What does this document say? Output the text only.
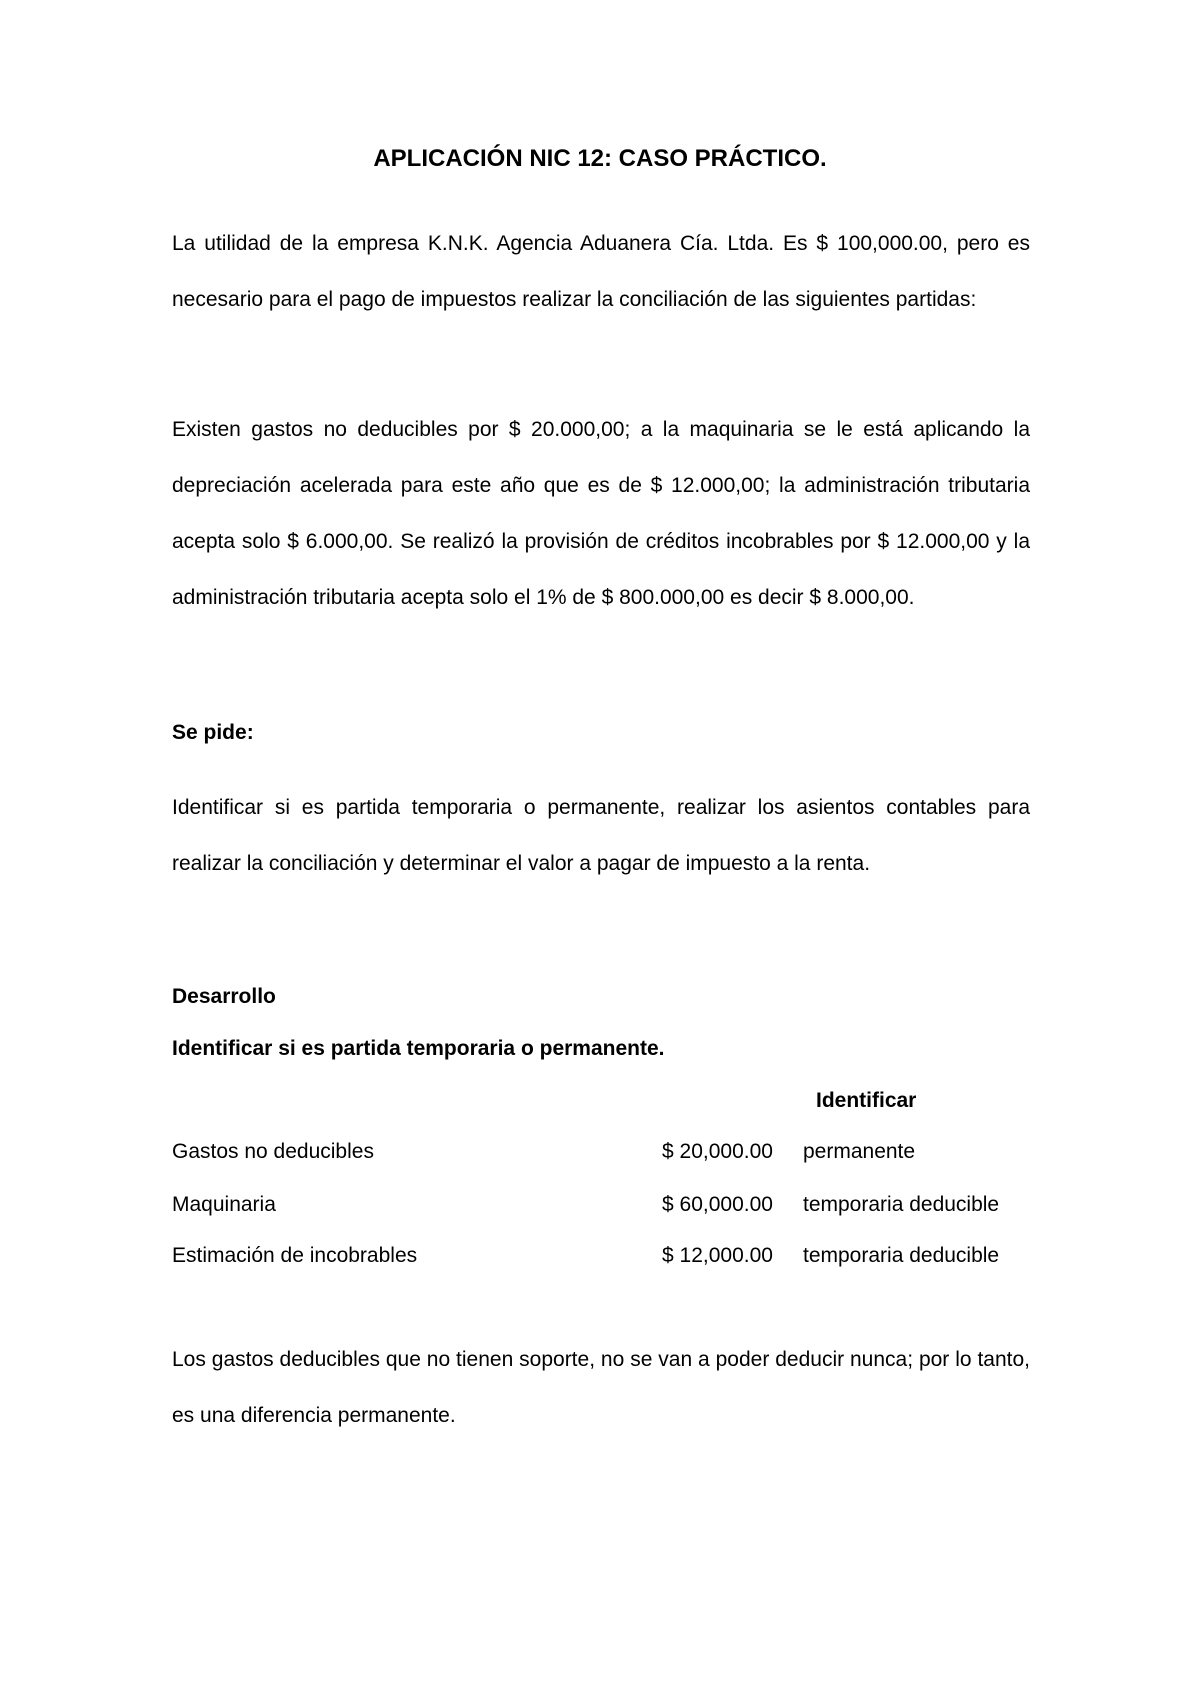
APLICACIÓN NIC 12: CASO PRÁCTICO.

La utilidad de la empresa K.N.K. Agencia Aduanera Cía. Ltda. Es $ 100,000.00, pero es necesario para el pago de impuestos realizar la conciliación de las siguientes partidas:

Existen gastos no deducibles por $ 20.000,00; a la maquinaria se le está aplicando la depreciación acelerada para este año que es de $ 12.000,00; la administración tributaria acepta solo $ 6.000,00. Se realizó la provisión de créditos incobrables por $ 12.000,00 y la administración tributaria acepta solo el 1% de $ 800.000,00 es decir $ 8.000,00.

Se pide:

Identificar si es partida temporaria o permanente, realizar los asientos contables para realizar la conciliación y determinar el valor a pagar de impuesto a la renta.

Desarrollo
Identificar si es partida temporaria o permanente.
Identificar
Gastos no deducibles	$ 20,000.00 permanente
Maquinaria	$ 60,000.00 temporaria deducible
Estimación de incobrables	$ 12,000.00 temporaria deducible

Los gastos deducibles que no tienen soporte, no se van a poder deducir nunca; por lo tanto, es una diferencia permanente.
